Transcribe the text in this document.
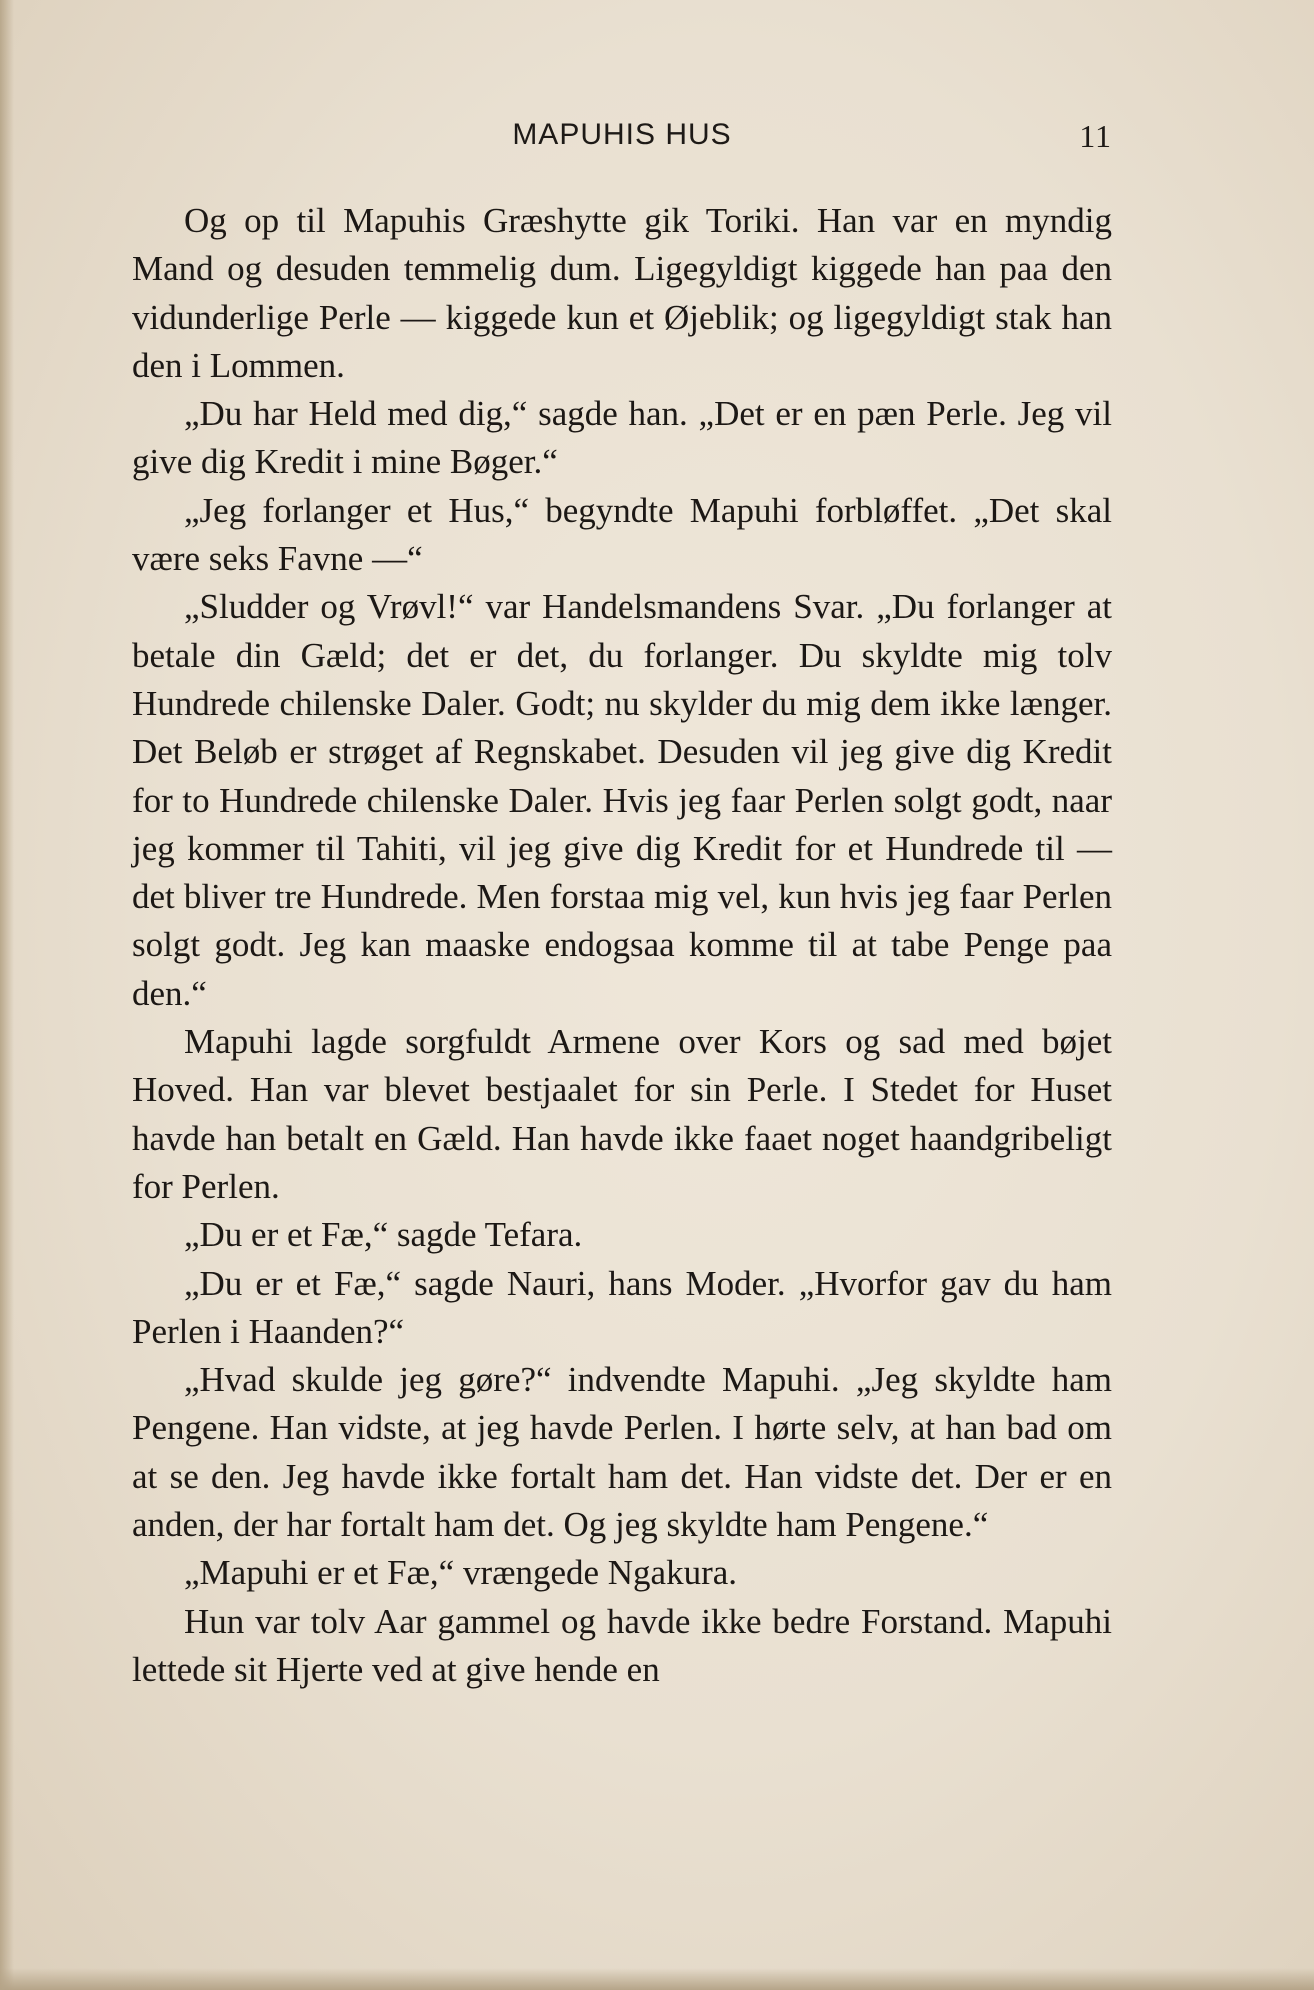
MAPUHIS HUS	11

Og op til Mapuhis Græshytte gik Toriki. Han var en myndig Mand og desuden temmelig dum. Ligegyldigt kiggede han paa den vidunderlige Perle — kiggede kun et Øjeblik; og ligegyldigt stak han den i Lommen.

„Du har Held med dig,“ sagde han. „Det er en pæn Perle. Jeg vil give dig Kredit i mine Bøger.“

„Jeg forlanger et Hus,“ begyndte Mapuhi forbløffet. „Det skal være seks Favne —“

„Sludder og Vrøvl!“ var Handelsmandens Svar. „Du forlanger at betale din Gæld; det er det, du forlanger. Du skyldte mig tolv Hundrede chilenske Daler. Godt; nu skylder du mig dem ikke længer. Det Beløb er strøget af Regnskabet. Desuden vil jeg give dig Kredit for to Hundrede chilenske Daler. Hvis jeg faar Perlen solgt godt, naar jeg kommer til Tahiti, vil jeg give dig Kredit for et Hundrede til — det bliver tre Hundrede. Men forstaa mig vel, kun hvis jeg faar Perlen solgt godt. Jeg kan maaske endogsaa komme til at tabe Penge paa den.“

Mapuhi lagde sorgfuldt Armene over Kors og sad med bøjet Hoved. Han var blevet bestjaalet for sin Perle. I Stedet for Huset havde han betalt en Gæld. Han havde ikke faaet noget haandgribeligt for Perlen.

„Du er et Fæ,“ sagde Tefara.

„Du er et Fæ,“ sagde Nauri, hans Moder. „Hvorfor gav du ham Perlen i Haanden?“

„Hvad skulde jeg gøre?“ indvendte Mapuhi. „Jeg skyldte ham Pengene. Han vidste, at jeg havde Perlen. I hørte selv, at han bad om at se den. Jeg havde ikke fortalt ham det. Han vidste det. Der er en anden, der har fortalt ham det. Og jeg skyldte ham Pengene.“

„Mapuhi er et Fæ,“ vrængede Ngakura.

Hun var tolv Aar gammel og havde ikke bedre Forstand. Mapuhi lettede sit Hjerte ved at give hende en
